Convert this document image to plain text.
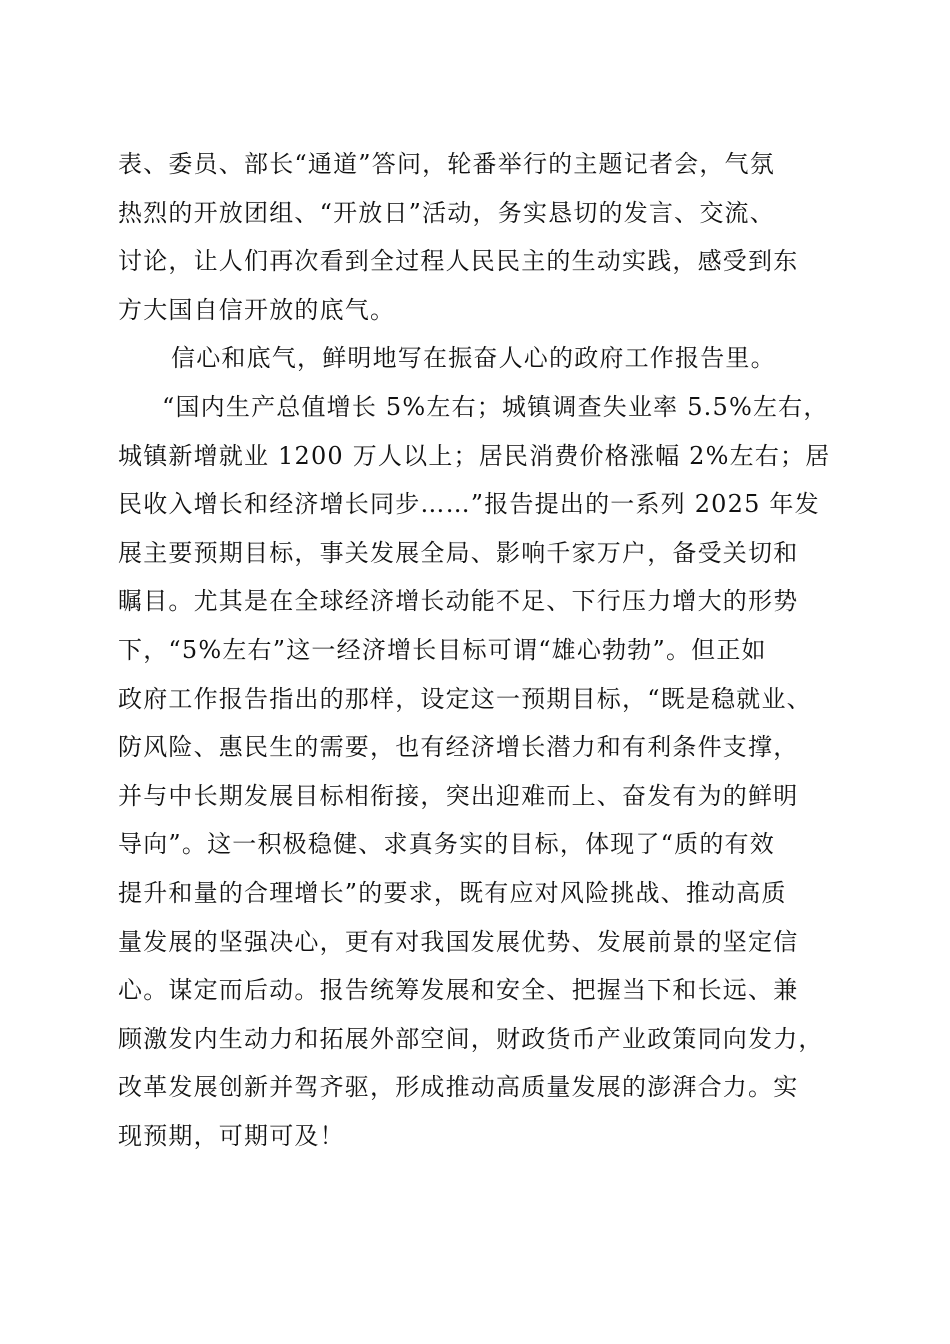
表、委员、部长“通道”答问，轮番举行的主题记者会，气氛
热烈的开放团组、“开放日”活动，务实恳切的发言、交流、
讨论，让人们再次看到全过程人民民主的生动实践，感受到东
方大国自信开放的底气。
信心和底气，鲜明地写在振奋人心的政府工作报告里。
“国内生产总值增长 5%左右；城镇调查失业率 5.5%左右，
城镇新增就业 1200 万人以上；居民消费价格涨幅 2%左右；居
民收入增长和经济增长同步……”报告提出的一系列 2025 年发
展主要预期目标，事关发展全局、影响千家万户，备受关切和
瞩目。尤其是在全球经济增长动能不足、下行压力增大的形势
下，“5%左右”这一经济增长目标可谓“雄心勃勃”。但正如
政府工作报告指出的那样，设定这一预期目标，“既是稳就业、
防风险、惠民生的需要，也有经济增长潜力和有利条件支撑，
并与中长期发展目标相衔接，突出迎难而上、奋发有为的鲜明
导向”。这一积极稳健、求真务实的目标，体现了“质的有效
提升和量的合理增长”的要求，既有应对风险挑战、推动高质
量发展的坚强决心，更有对我国发展优势、发展前景的坚定信
心。谋定而后动。报告统筹发展和安全、把握当下和长远、兼
顾激发内生动力和拓展外部空间，财政货币产业政策同向发力，
改革发展创新并驾齐驱，形成推动高质量发展的澎湃合力。实
现预期，可期可及！
